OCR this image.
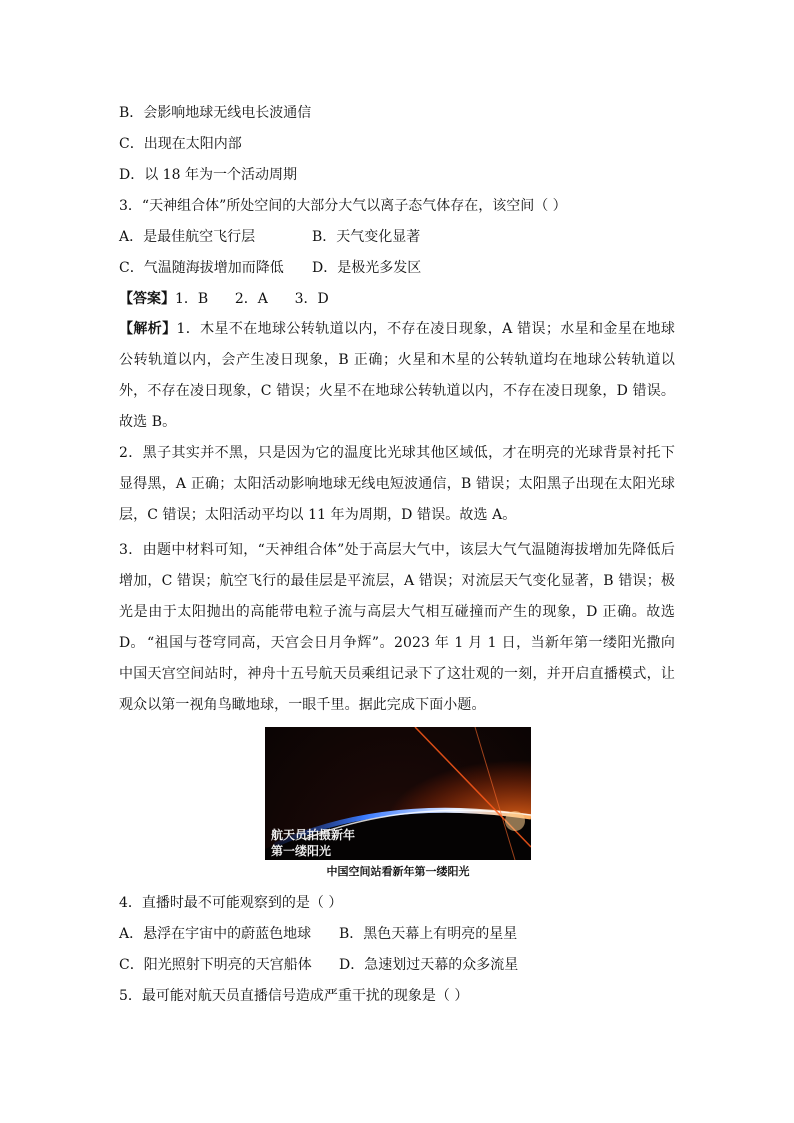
B．会影响地球无线电长波通信
C．出现在太阳内部
D．以 18 年为一个活动周期
3．“天神组合体”所处空间的大部分大气以离子态气体存在，该空间（ ）
A．是最佳航空飞行层	B．天气变化显著
C．气温随海拔增加而降低 D．是极光多发区
【答案】1．B      2．A      3．D
【解析】1．木星不在地球公转轨道以内，不存在凌日现象，A 错误；水星和金星在地球公转轨道以内，会产生凌日现象，B 正确；火星和木星的公转轨道均在地球公转轨道以外，不存在凌日现象，C 错误；火星不在地球公转轨道以内，不存在凌日现象，D 错误。故选 B。
2．黑子其实并不黑，只是因为它的温度比光球其他区域低，才在明亮的光球背景衬托下显得黑，A 正确；太阳活动影响地球无线电短波通信，B 错误；太阳黑子出现在太阳光球层，C 错误；太阳活动平均以 11 年为周期，D 错误。故选 A。
3．由题中材料可知，“天神组合体”处于高层大气中，该层大气气温随海拔增加先降低后增加，C 错误；航空飞行的最佳层是平流层，A 错误；对流层天气变化显著，B 错误；极光是由于太阳抛出的高能带电粒子流与高层大气相互碰撞而产生的现象，D 正确。故选 D。 “祖国与苍穹同高，天宫会日月争辉”。2023 年 1 月 1 日，当新年第一缕阳光撒向中国天宫空间站时，神舟十五号航天员乘组记录下了这壮观的一刻，并开启直播模式，让观众以第一视角鸟瞰地球，一眼千里。据此完成下面小题。
航天员拍摄新年
第一缕阳光
中国空间站看新年第一缕阳光
4．直播时最不可能观察到的是（ ）
A．悬浮在宇宙中的蔚蓝色地球 B．黑色天幕上有明亮的星星
C．阳光照射下明亮的天宫船体 D．急速划过天幕的众多流星
5．最可能对航天员直播信号造成严重干扰的现象是（ ）
